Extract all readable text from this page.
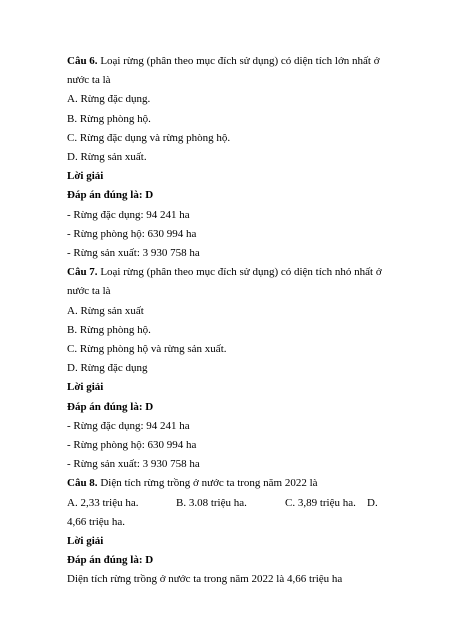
Câu 6. Loại rừng (phân theo mục đích sử dụng) có diện tích lớn nhất ở

nước ta là

A. Rừng đặc dụng.

B. Rừng phòng hộ.

C. Rừng đặc dụng và rừng phòng hộ.

D. Rừng sản xuất.

Lời giải

Đáp án đúng là: D

- Rừng đặc dụng: 94 241 ha

- Rừng phòng hộ: 630 994 ha

- Rừng sản xuất: 3 930 758 ha

Câu 7. Loại rừng (phân theo mục đích sử dụng) có diện tích nhỏ nhất ở

nước ta là

A. Rừng sản xuất

B. Rừng phòng hộ.

C. Rừng phòng hộ và rừng sản xuất.

D. Rừng đặc dụng

Lời giải

Đáp án đúng là: D

- Rừng đặc dụng: 94 241 ha

- Rừng phòng hộ: 630 994 ha

- Rừng sản xuất: 3 930 758 ha

Câu 8. Diện tích rừng trồng ở nước ta trong năm 2022 là

A. 2,33 triệu ha.	B. 3.08 triệu ha.	C. 3,89 triệu ha.	D.

4,66 triệu ha.

Lời giải

Đáp án đúng là: D

Diện tích rừng trồng ở nước ta trong năm 2022 là 4,66 triệu ha
